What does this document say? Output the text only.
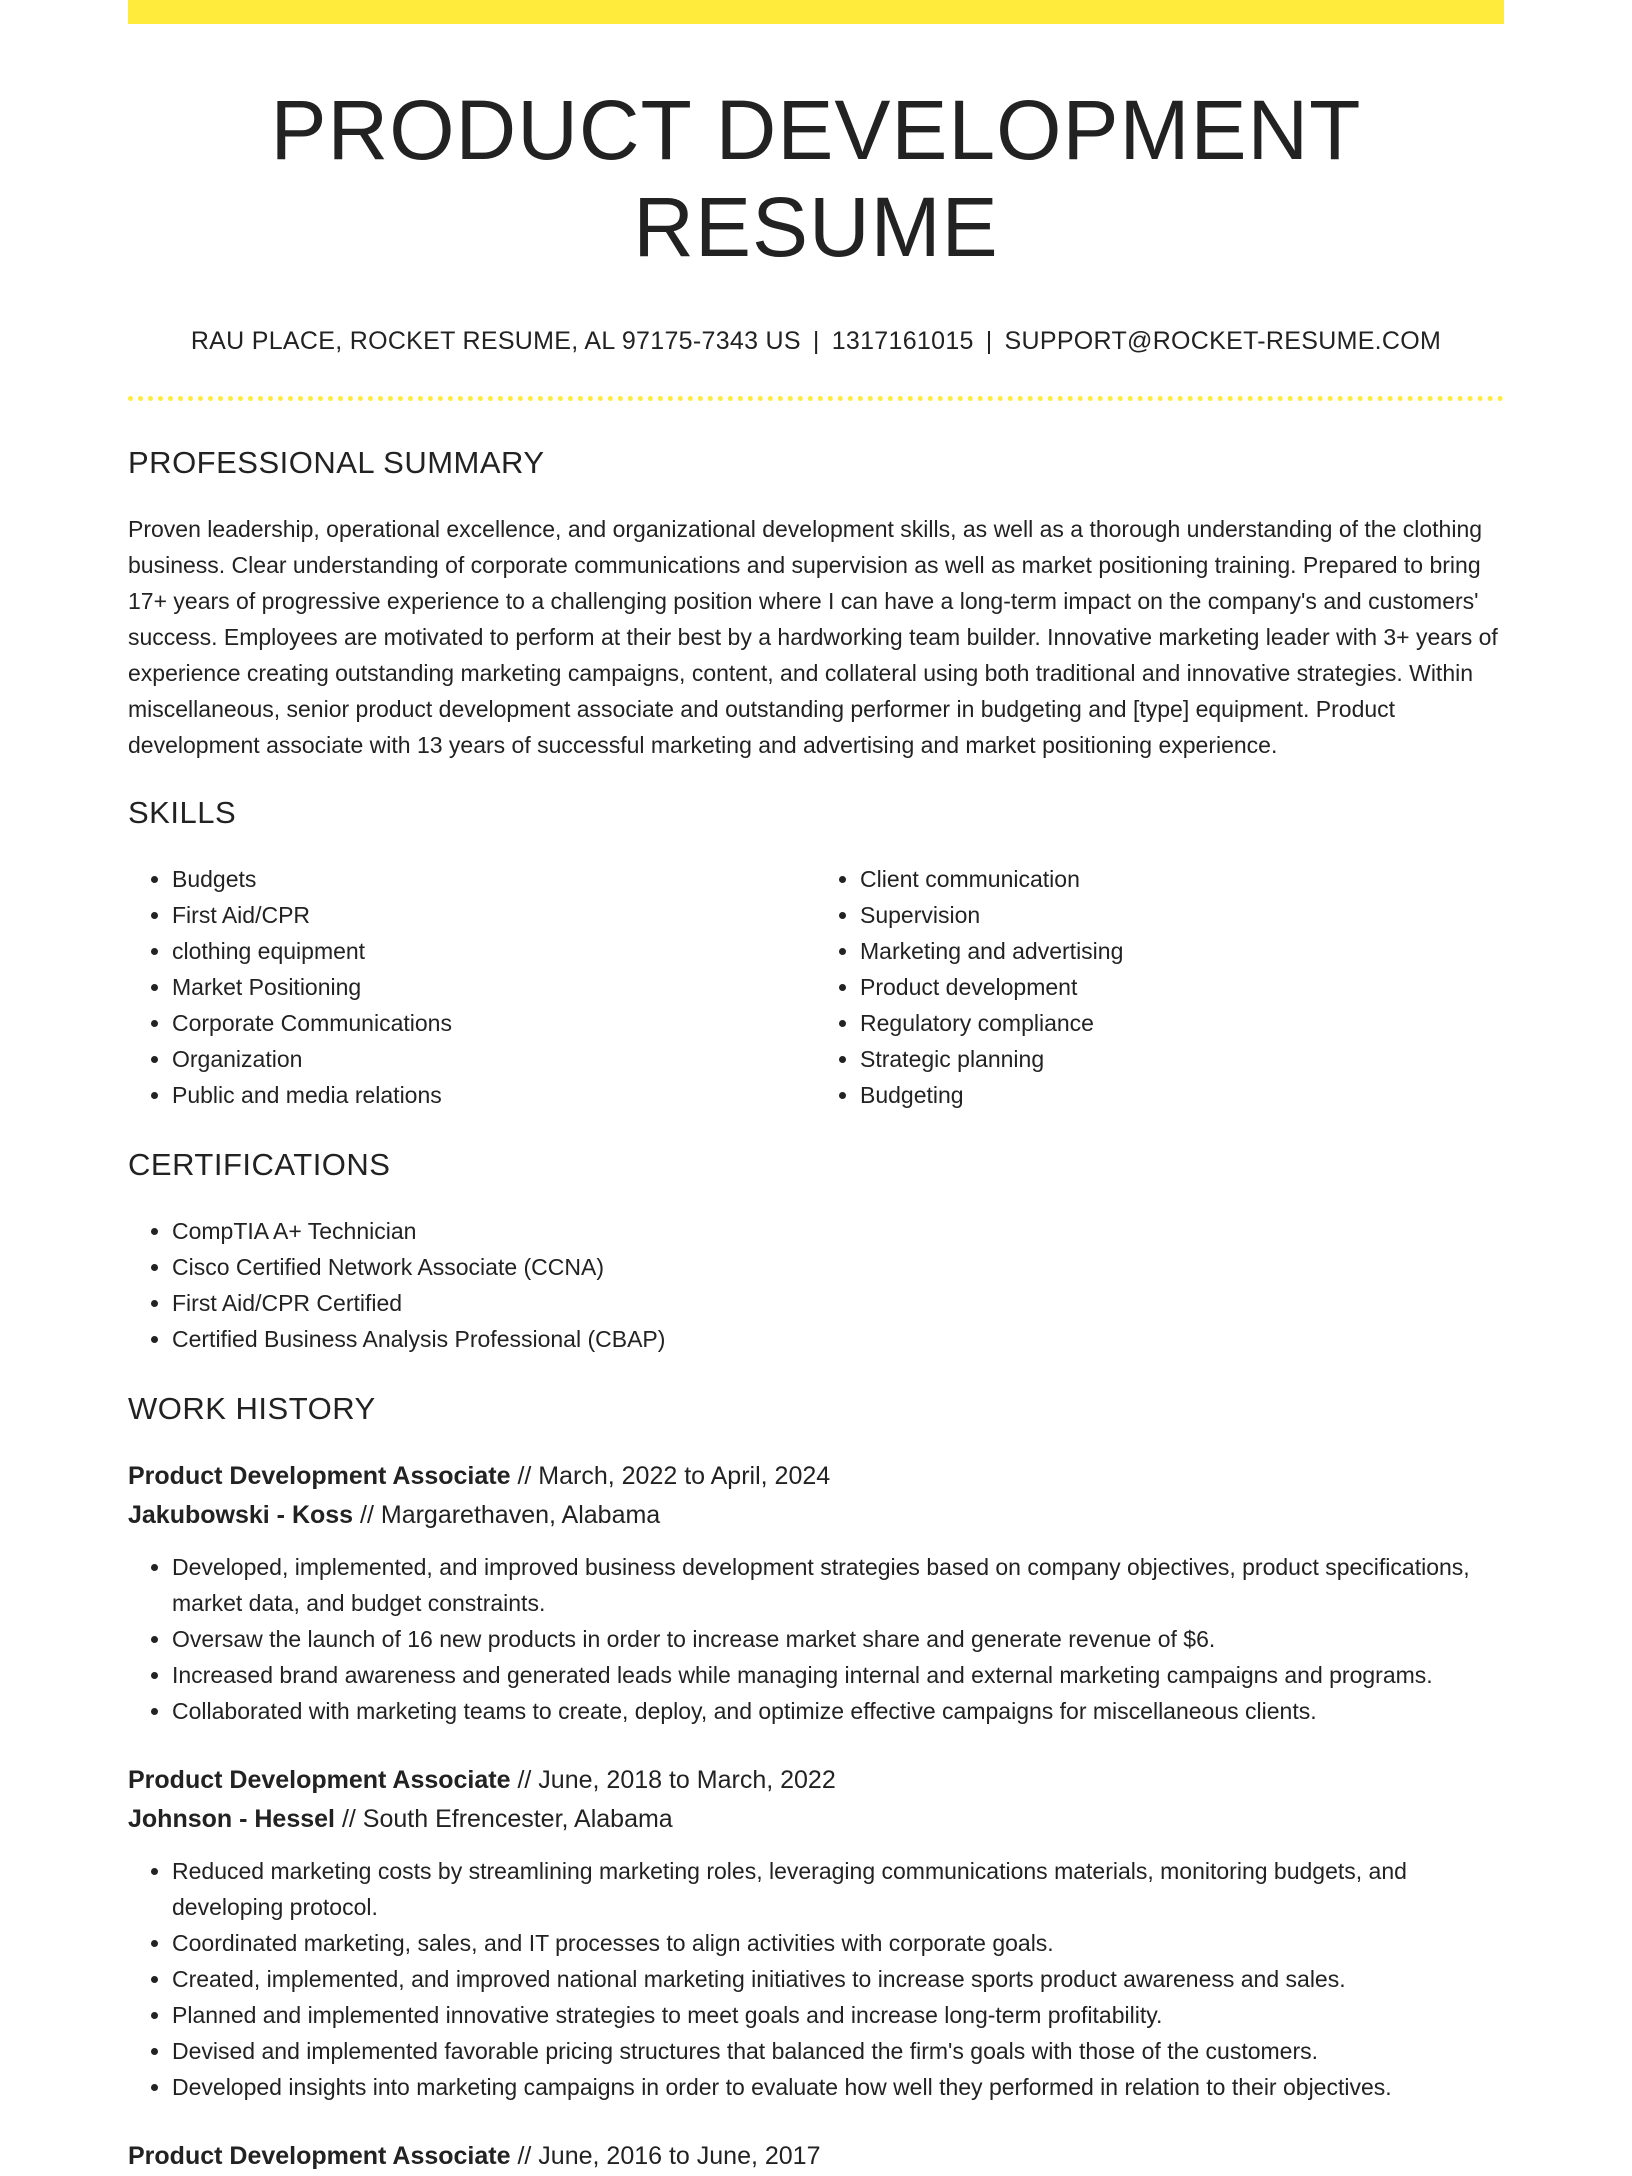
PRODUCT DEVELOPMENT RESUME
RAU PLACE, ROCKET RESUME, AL 97175-7343 US | 1317161015 | SUPPORT@ROCKET-RESUME.COM
PROFESSIONAL SUMMARY
Proven leadership, operational excellence, and organizational development skills, as well as a thorough understanding of the clothing business. Clear understanding of corporate communications and supervision as well as market positioning training. Prepared to bring 17+ years of progressive experience to a challenging position where I can have a long-term impact on the company's and customers' success. Employees are motivated to perform at their best by a hardworking team builder. Innovative marketing leader with 3+ years of experience creating outstanding marketing campaigns, content, and collateral using both traditional and innovative strategies. Within miscellaneous, senior product development associate and outstanding performer in budgeting and [type] equipment. Product development associate with 13 years of successful marketing and advertising and market positioning experience.
SKILLS
• Budgets
• First Aid/CPR
• clothing equipment
• Market Positioning
• Corporate Communications
• Organization
• Public and media relations
• Client communication
• Supervision
• Marketing and advertising
• Product development
• Regulatory compliance
• Strategic planning
• Budgeting
CERTIFICATIONS
• CompTIA A+ Technician
• Cisco Certified Network Associate (CCNA)
• First Aid/CPR Certified
• Certified Business Analysis Professional (CBAP)
WORK HISTORY
Product Development Associate // March, 2022 to April, 2024
Jakubowski - Koss // Margarethaven, Alabama
• Developed, implemented, and improved business development strategies based on company objectives, product specifications, market data, and budget constraints.
• Oversaw the launch of 16 new products in order to increase market share and generate revenue of $6.
• Increased brand awareness and generated leads while managing internal and external marketing campaigns and programs.
• Collaborated with marketing teams to create, deploy, and optimize effective campaigns for miscellaneous clients.
Product Development Associate // June, 2018 to March, 2022
Johnson - Hessel // South Efrencester, Alabama
• Reduced marketing costs by streamlining marketing roles, leveraging communications materials, monitoring budgets, and developing protocol.
• Coordinated marketing, sales, and IT processes to align activities with corporate goals.
• Created, implemented, and improved national marketing initiatives to increase sports product awareness and sales.
• Planned and implemented innovative strategies to meet goals and increase long-term profitability.
• Devised and implemented favorable pricing structures that balanced the firm's goals with those of the customers.
• Developed insights into marketing campaigns in order to evaluate how well they performed in relation to their objectives.
Product Development Associate // June, 2016 to June, 2017
